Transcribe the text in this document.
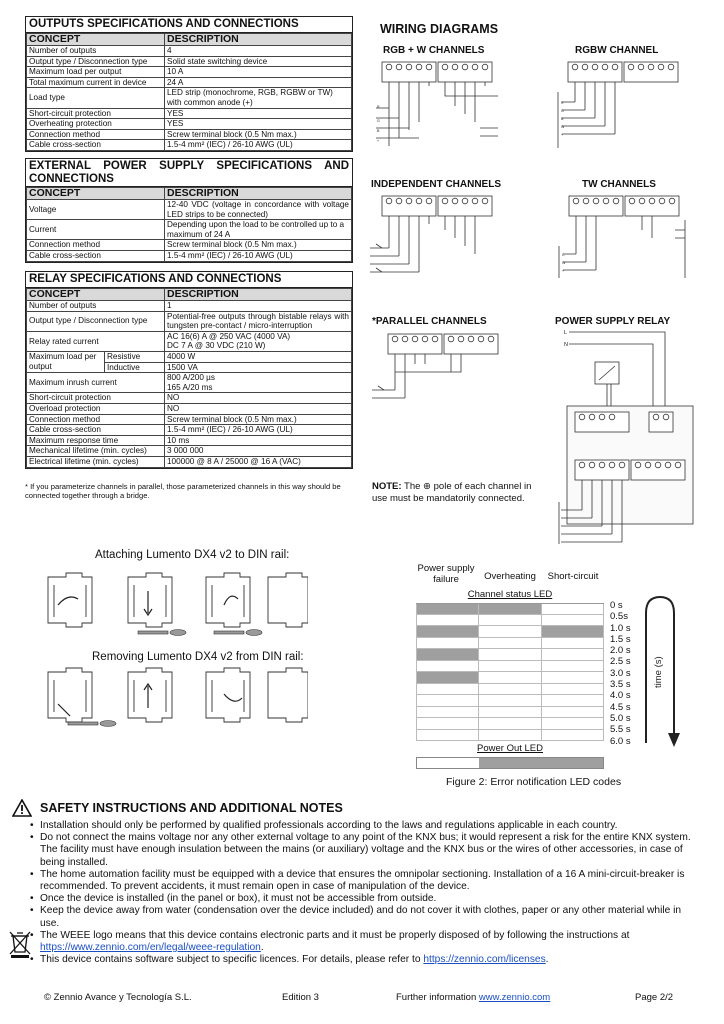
OUTPUTS SPECIFICATIONS AND CONNECTIONS
CONCEPT	DESCRIPTION
Number of outputs	4
Output type / Disconnection type	Solid state switching device
Maximum load per output	10 A
Total maximum current in device	24 A
Load type	LED strip (monochrome, RGB, RGBW or TW) with common anode (+)
Short-circuit protection	YES
Overheating protection	YES
Connection method	Screw terminal block (0.5 Nm max.)
Cable cross-section	1.5-4 mm² (IEC) / 26-10 AWG (UL)
EXTERNAL POWER SUPPLY SPECIFICATIONS AND CONNECTIONS
CONCEPT	DESCRIPTION
Voltage	12-40 VDC (voltage in concordance with voltage LED strips to be connected)
Current	Depending upon the load to be controlled up to a maximum of 24 A
Connection method	Screw terminal block (0.5 Nm max.)
Cable cross-section	1.5-4 mm² (IEC) / 26-10 AWG (UL)
RELAY SPECIFICATIONS AND CONNECTIONS
CONCEPT		DESCRIPTION
Number of outputs		1
Output type / Disconnection type		Potential-free outputs through bistable relays with tungsten pre-contact / micro-interruption
Relay rated current		AC 16(6) A @ 250 VAC (4000 VA)
DC 7 A @ 30 VDC (210 W)

Maximum load per output	Resistive	4000 W
	Inductive	1500 VA
Maximum inrush current		800 A/200 µs
165 A/20 ms

Short-circuit protection		NO
Overload protection		NO
Connection method		Screw terminal block (0.5 Nm max.)
Cable cross-section		1.5-4 mm² (IEC) / 26-10 AWG (UL)
Maximum response time		10 ms
Mechanical lifetime (min. cycles)		3 000 000
Electrical lifetime (min. cycles)		100000 @ 8 A / 25000 @ 16 A (VAC)
* If you parameterize channels in parallel, those parameterized channels in this way should be connected together through a bridge.
WIRING DIAGRAMS
RGB + W CHANNELS	RGBW CHANNEL
INDEPENDENT CHANNELS	TW CHANNELS
*PARALLEL CHANNELS	POWER SUPPLY RELAY
R
G
B
+
R
G
B
W
+
C
W
+
L
N
NOTE: The ⊕ pole of each channel in use must be mandatorily connected.
Attaching Lumento DX4 v2 to DIN rail:
Removing Lumento DX4 v2 from DIN rail:
Power supply failure	Overheating	Short-circuit
Channel status LED
0 s
0.5s
1.0 s
1.5 s
2.0 s
2.5 s
3.0 s
3.5 s
4.0 s
4.5 s
5.0 s
5.5 s
6.0 s
time (s)
Power Out LED
Figure 2: Error notification LED codes
SAFETY INSTRUCTIONS AND ADDITIONAL NOTES
• Installation should only be performed by qualified professionals according to the laws and regulations applicable in each country.
• Do not connect the mains voltage nor any other external voltage to any point of the KNX bus; it would represent a risk for the entire KNX system. The facility must have enough insulation between the mains (or auxiliary) voltage and the KNX bus or the wires of other accessories, in case of being installed.
• The home automation facility must be equipped with a device that ensures the omnipolar sectioning. Installation of a 16 A mini-circuit-breaker is recommended. To prevent accidents, it must remain open in case of manipulation of the device.
• Once the device is installed (in the panel or box), it must not be accessible from outside.
• Keep the device away from water (condensation over the device included) and do not cover it with clothes, paper or any other material while in use.
• The WEEE logo means that this device contains electronic parts and it must be properly disposed of by following the instructions at https://www.zennio.com/en/legal/weee-regulation.
• This device contains software subject to specific licences. For details, please refer to https://zennio.com/licenses.
© Zennio Avance y Tecnología S.L.	Edition 3	Further information www.zennio.com	Page 2/2
